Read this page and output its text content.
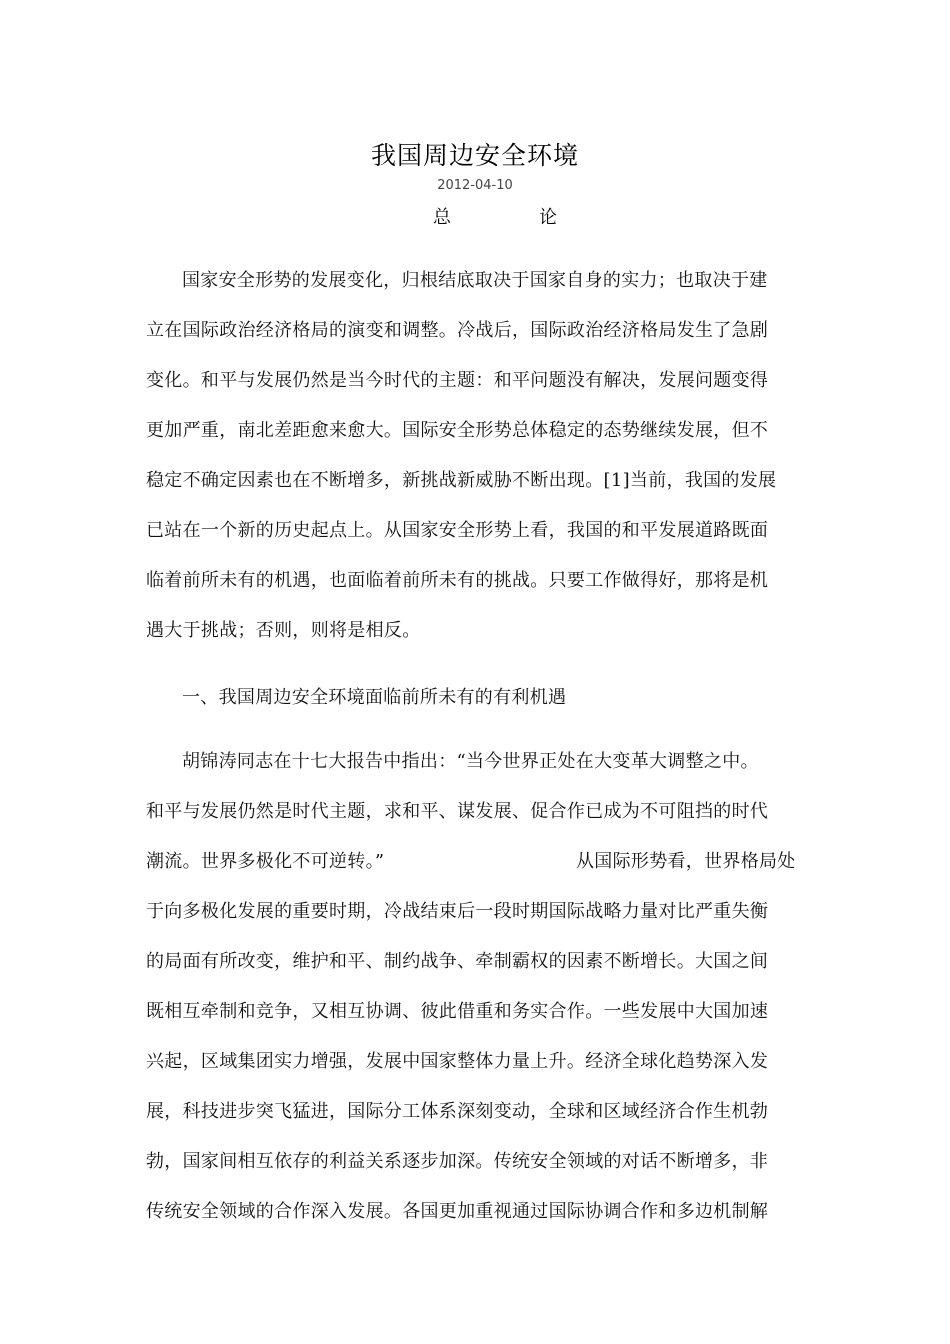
我国周边安全环境
2012-04-10
总	论
国家安全形势的发展变化，归根结底取决于国家自身的实力；也取决于建
立在国际政治经济格局的演变和调整。冷战后，国际政治经济格局发生了急剧
变化。和平与发展仍然是当今时代的主题：和平问题没有解决，发展问题变得
更加严重，南北差距愈来愈大。国际安全形势总体稳定的态势继续发展，但不
稳定不确定因素也在不断增多，新挑战新威胁不断出现。[1]当前，我国的发展
已站在一个新的历史起点上。从国家安全形势上看，我国的和平发展道路既面
临着前所未有的机遇，也面临着前所未有的挑战。只要工作做得好，那将是机
遇大于挑战；否则，则将是相反。
一、我国周边安全环境面临前所未有的有利机遇
胡锦涛同志在十七大报告中指出：“当今世界正处在大变革大调整之中。
和平与发展仍然是时代主题，求和平、谋发展、促合作已成为不可阻挡的时代
潮流。世界多极化不可逆转。”	从国际形势看，世界格局处
于向多极化发展的重要时期，冷战结束后一段时期国际战略力量对比严重失衡
的局面有所改变，维护和平、制约战争、牵制霸权的因素不断增长。大国之间
既相互牵制和竞争，又相互协调、彼此借重和务实合作。一些发展中大国加速
兴起，区域集团实力增强，发展中国家整体力量上升。经济全球化趋势深入发
展，科技进步突飞猛进，国际分工体系深刻变动，全球和区域经济合作生机勃
勃，国家间相互依存的利益关系逐步加深。传统安全领域的对话不断增多，非
传统安全领域的合作深入发展。各国更加重视通过国际协调合作和多边机制解
